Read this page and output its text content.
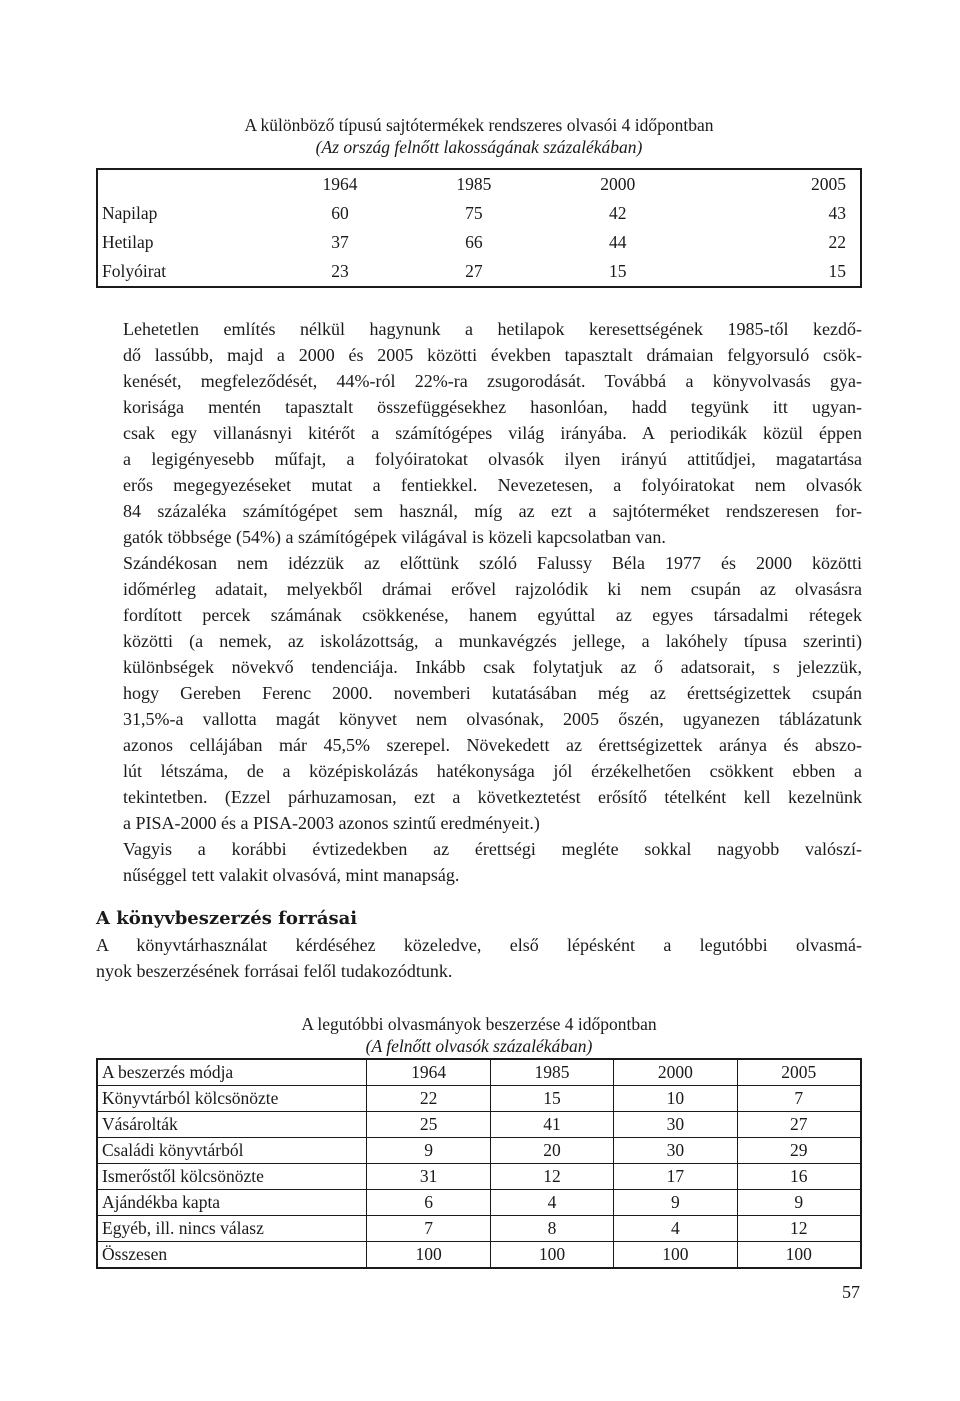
A különböző típusú sajtótermékek rendszeres olvasói 4 időpontban
(Az ország felnőtt lakosságának százalékában)
	1964	1985	2000	2005
Napilap	60	75	42	43
Hetilap	37	66	44	22
Folyóirat	23	27	15	15

Lehetetlen említés nélkül hagynunk a hetilapok keresettségének 1985-től kezdő-
dő lassúbb, majd a 2000 és 2005 közötti években tapasztalt drámaian felgyorsuló csök-
kenését, megfeleződését, 44%-ról 22%-ra zsugorodását. Továbbá a könyvolvasás gya-
korisága mentén tapasztalt összefüggésekhez hasonlóan, hadd tegyünk itt ugyan-
csak egy villanásnyi kitérőt a számítógépes világ irányába. A periodikák közül éppen
a legigényesebb műfajt, a folyóiratokat olvasók ilyen irányú attitűdjei, magatartása
erős megegyezéseket mutat a fentiekkel. Nevezetesen, a folyóiratokat nem olvasók
84 százaléka számítógépet sem használ, míg az ezt a sajtóterméket rendszeresen for-
gatók többsége (54%) a számítógépek világával is közeli kapcsolatban van.

Szándékosan nem idézzük az előttünk szóló Falussy Béla 1977 és 2000 közötti
időmérleg adatait, melyekből drámai erővel rajzolódik ki nem csupán az olvasásra
fordított percek számának csökkenése, hanem egyúttal az egyes társadalmi rétegek
közötti (a nemek, az iskolázottság, a munkavégzés jellege, a lakóhely típusa szerinti)
különbségek növekvő tendenciája. Inkább csak folytatjuk az ő adatsorait, s jelezzük,
hogy Gereben Ferenc 2000. novemberi kutatásában még az érettségizettek csupán
31,5%-a vallotta magát könyvet nem olvasónak, 2005 őszén, ugyanezen táblázatunk
azonos cellájában már 45,5% szerepel. Növekedett az érettségizettek aránya és abszo-
lút létszáma, de a középiskolázás hatékonysága jól érzékelhetően csökkent ebben a
tekintetben. (Ezzel párhuzamosan, ezt a következtetést erősítő tételként kell kezelnünk
a PISA-2000 és a PISA-2003 azonos szintű eredményeit.)

Vagyis a korábbi évtizedekben az érettségi megléte sokkal nagyobb valószí-
nűséggel tett valakit olvasóvá, mint manapság.

A könyvbeszerzés forrásai
A könyvtárhasználat kérdéséhez közeledve, első lépésként a legutóbbi olvasmá-
nyok beszerzésének forrásai felől tudakozódtunk.
A legutóbbi olvasmányok beszerzése 4 időpontban
(A felnőtt olvasók százalékában)
A beszerzés módja	1964	1985	2000	2005
Könyvtárból kölcsönözte	22	15	10	7
Vásárolták	25	41	30	27
Családi könyvtárból	9	20	30	29
Ismerőstől kölcsönözte	31	12	17	16
Ajándékba kapta	6	4	9	9
Egyéb, ill. nincs válasz	7	8	4	12
Összesen	100	100	100	100
57
